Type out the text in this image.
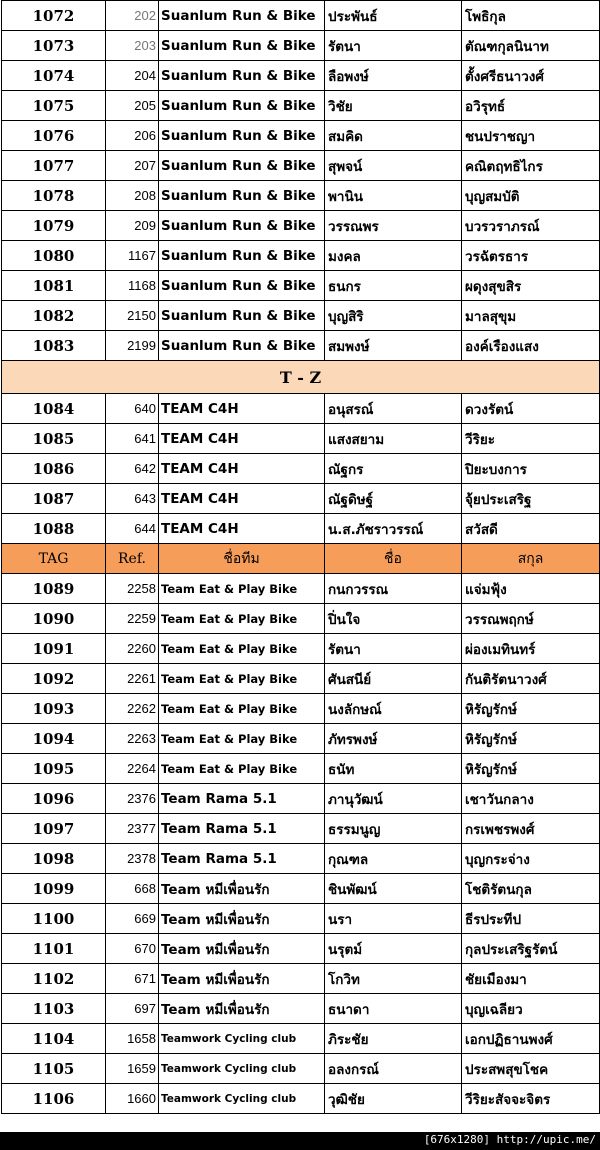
1072	202	Suanlum Run & Bike	ประพันธ์	โพธิกุล
1073	203	Suanlum Run & Bike	รัตนา	ตัณฑกุลนินาท
1074	204	Suanlum Run & Bike	ลือพงษ์	ตั้งศรีธนาวงศ์
1075	205	Suanlum Run & Bike	วิชัย	อวิรุทธ์
1076	206	Suanlum Run & Bike	สมคิด	ชนปราชญา
1077	207	Suanlum Run & Bike	สุพจน์	คณิตฤทธิไกร
1078	208	Suanlum Run & Bike	พานิน	บุญสมบัติ
1079	209	Suanlum Run & Bike	วรรณพร	บวรวราภรณ์
1080	1167	Suanlum Run & Bike	มงคล	วรฉัตรธาร
1081	1168	Suanlum Run & Bike	ธนกร	ผดุงสุขสิร
1082	2150	Suanlum Run & Bike	บุญสิริ	มาลสุขุม
1083	2199	Suanlum Run & Bike	สมพงษ์	องค์เรืองแสง
T - Z				
1084	640	TEAM C4H	อนุสรณ์	ดวงรัตน์
1085	641	TEAM C4H	แสงสยาม	วีริยะ
1086	642	TEAM C4H	ณัฐกร	ปิยะบงการ
1087	643	TEAM C4H	ณัฐดิษฐ์	จุ้ยประเสริฐ
1088	644	TEAM C4H	น.ส.ภัชราวรรณ์	สวัสดี
TAG	Ref.	ชื่อทีม	ชื่อ	สกุล
1089	2258	Team Eat & Play Bike	กนกวรรณ	แจ่มฟุ้ง
1090	2259	Team Eat & Play Bike	ปิ่นใจ	วรรณพฤกษ์
1091	2260	Team Eat & Play Bike	รัตนา	ผ่องเมทินทร์
1092	2261	Team Eat & Play Bike	ศันสนีย์	กันติรัตนาวงศ์
1093	2262	Team Eat & Play Bike	นงลักษณ์	หิรัญรักษ์
1094	2263	Team Eat & Play Bike	ภัทรพงษ์	หิรัญรักษ์
1095	2264	Team Eat & Play Bike	ธนัท	หิรัญรักษ์
1096	2376	Team Rama 5.1	ภานุวัฒน์	เชาวันกลาง
1097	2377	Team Rama 5.1	ธรรมนูญ	กรเพชรพงศ์
1098	2378	Team Rama 5.1	กุณฑล	บุญกระจ่าง
1099	668	Team หมีเพื่อนรัก	ชินพัฒน์	โชติรัตนกุล
1100	669	Team หมีเพื่อนรัก	นรา	ธีรประทีป
1101	670	Team หมีเพื่อนรัก	นรุตม์	กุลประเสริฐรัตน์
1102	671	Team หมีเพื่อนรัก	โกวิท	ชัยเมืองมา
1103	697	Team หมีเพื่อนรัก	ธนาดา	บุญเฉลียว
1104	1658	Teamwork Cycling club	ภิระชัย	เอกปฏิธานพงศ์
1105	1659	Teamwork Cycling club	อลงกรณ์	ประสพสุขโชค
1106	1660	Teamwork Cycling club	วุฒิชัย	วีริยะสัจจะจิตร
[676x1280] http://upic.me/
